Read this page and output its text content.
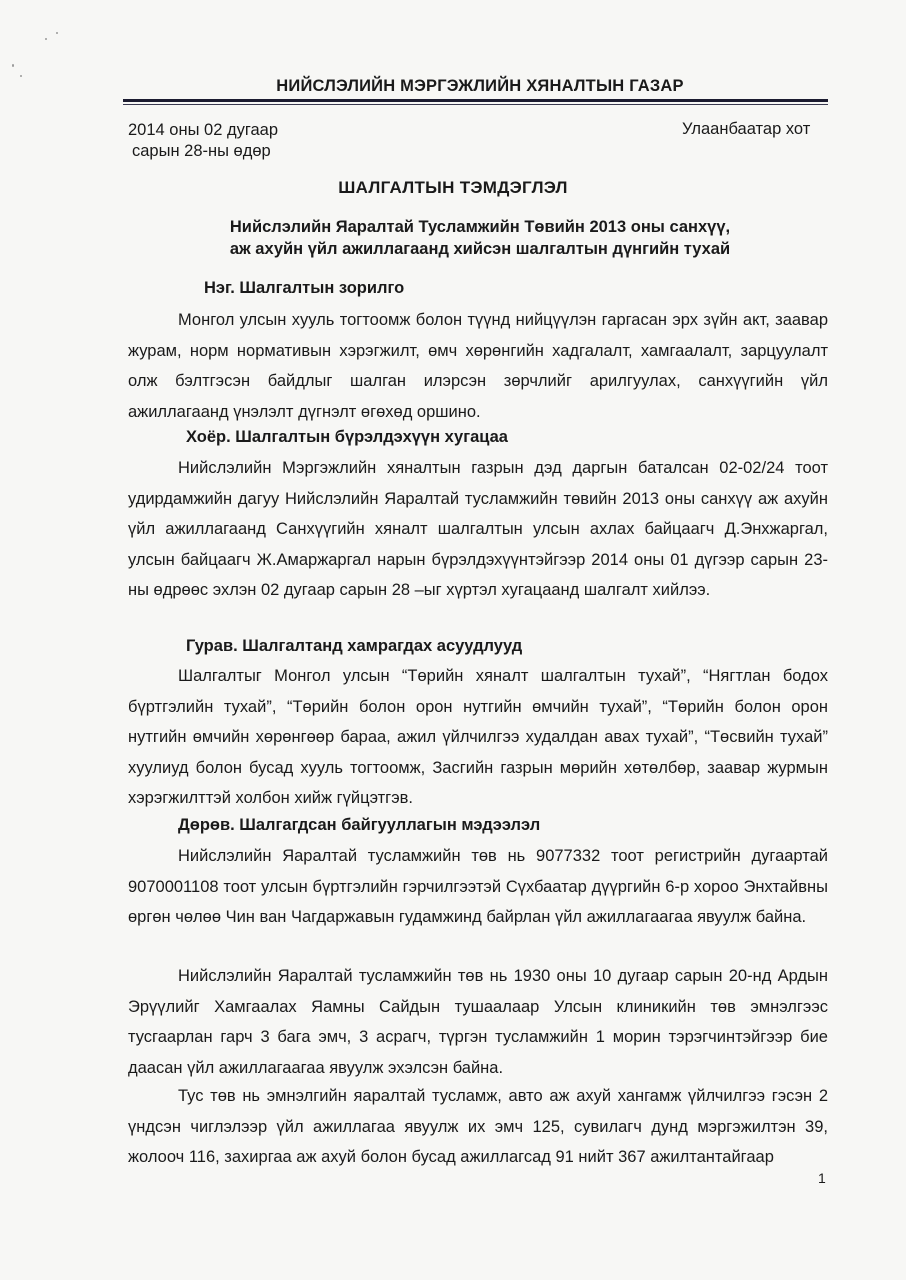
НИЙСЛЭЛИЙН МЭРГЭЖЛИЙН ХЯНАЛТЫН ГАЗАР
2014 оны 02 дугаар
сарын 28-ны өдөр
Улаанбаатар хот
ШАЛГАЛТЫН ТЭМДЭГЛЭЛ
Нийслэлийн Яаралтай Тусламжийн Төвийн 2013 оны санхүү,
аж ахуйн үйл ажиллагаанд хийсэн шалгалтын дүнгийн тухай
Нэг. Шалгалтын зорилго

Монгол улсын хууль тогтоомж болон түүнд нийцүүлэн гаргасан эрх зүйн акт, заавар журам, норм нормативын хэрэгжилт, өмч хөрөнгийн хадгалалт, хамгаалалт, зарцуулалт олж бэлтгэсэн байдлыг шалган илэрсэн зөрчлийг арилгуулах, санхүүгийн үйл ажиллагаанд үнэлэлт дүгнэлт өгөхөд оршино.

Хоёр. Шалгалтын бүрэлдэхүүн хугацаа

Нийслэлийн Мэргэжлийн хяналтын газрын дэд даргын баталсан 02-02/24 тоот удирдамжийн дагуу Нийслэлийн Яаралтай тусламжийн төвийн 2013 оны санхүү аж ахуйн үйл ажиллагаанд Санхүүгийн хяналт шалгалтын улсын ахлах байцаагч Д.Энхжаргал, улсын байцаагч Ж.Амаржаргал нарын бүрэлдэхүүнтэйгээр 2014 оны 01 дүгээр сарын 23-ны өдрөөс эхлэн 02 дугаар сарын 28 –ыг хүртэл хугацаанд шалгалт хийлээ.

Гурав. Шалгалтанд хамрагдах асуудлууд

Шалгалтыг Монгол улсын “Төрийн хяналт шалгалтын тухай”, “Нягтлан бодох бүртгэлийн тухай”, “Төрийн болон орон нутгийн өмчийн тухай”, “Төрийн болон орон нутгийн өмчийн хөрөнгөөр бараа, ажил үйлчилгээ худалдан авах тухай”, “Төсвийн тухай” хуулиуд болон бусад хууль тогтоомж, Засгийн газрын мөрийн хөтөлбөр, заавар журмын хэрэгжилттэй холбон хийж гүйцэтгэв.

Дөрөв. Шалгагдсан байгууллагын мэдээлэл

Нийслэлийн Яаралтай тусламжийн төв нь 9077332 тоот регистрийн дугаартай 9070001108 тоот улсын бүртгэлийн гэрчилгээтэй Сүхбаатар дүүргийн 6-р хороо Энхтайвны өргөн чөлөө Чин ван Чагдаржавын гудамжинд байрлан үйл ажиллагаагаа явуулж байна.

Нийслэлийн Яаралтай тусламжийн төв нь 1930 оны 10 дугаар сарын 20-нд Ардын Эрүүлийг Хамгаалах Яамны Сайдын тушаалаар Улсын клиникийн төв эмнэлгээс тусгаарлан гарч 3 бага эмч, 3 асрагч, түргэн тусламжийн 1 морин тэрэгчинтэйгээр бие даасан үйл ажиллагаагаа явуулж эхэлсэн байна.

Тус төв нь эмнэлгийн яаралтай тусламж, авто аж ахуй хангамж үйлчилгээ гэсэн 2 үндсэн чиглэлээр үйл ажиллагаа явуулж их эмч 125, сувилагч дунд мэргэжилтэн 39, жолооч 116, захиргаа аж ахуй болон бусад ажиллагсад 91 нийт 367 ажилтантайгаар

1
